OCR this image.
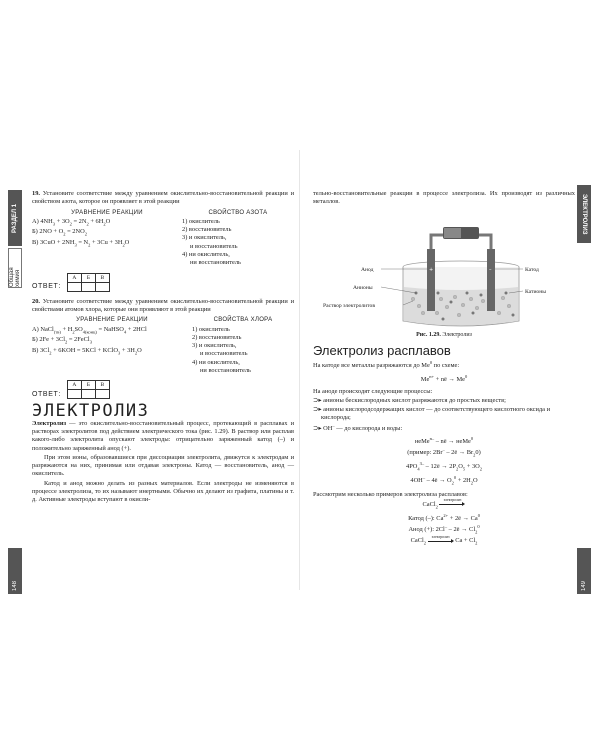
РАЗДЕЛ 1
Общая химия
ЭЛЕКТРОЛИЗ
148	149

19. Установите соответствие между уравнением окислительно-восстановительной реакции и свойством азота, которое он проявляет в этой реакции

УРАВНЕНИЕ РЕАКЦИИ
А) $4NH_3 + 3O_2 = 2N_2 + 6H_2O$
Б) $2NO + O_2 = 2NO_2$
В) $3CuO + 2NH_3 = N_2 + 3Cu + 3H_2O$
СВОЙСТВО АЗОТА
1) окислитель
2) восстановитель
3) и окислитель,
и восстановитель
4) ни окислитель,
ни восстановитель
ОТВЕТ:
А	Б	В

20. Установите соответствие между уравнением окислительно-восстановительной реакции и свойствами атомов хлора, которые они проявляют в этой реакции

УРАВНЕНИЕ РЕАКЦИИ
А) NaCl$_{(тв)}$ + $H_2SO_{4(конц)}$ = NaHSO$_4$ + 2HCl
Б) $2Fe + 3Cl_2$ = 2FeCl$_3$
В) $3Cl_2 + 6KOH = 5KCl$ + KClO$_3$ + $3H_2O$
СВОЙСТВА ХЛОРА
1) окислитель
2) восстановитель
3) и окислитель,
и восстановитель
4) ни окислитель,
ни восстановитель
ОТВЕТ:
А	Б	В

ЭЛЕКТРОЛИЗ

Электролиз — это окислительно-восстановительный процесс, протекающий в расплавах и растворах электролитов под действием электрического тока (рис. 1.29). В раствор или расплав какого-либо электролита опускают электроды: отрицательно заряженный катод (–) и положительно заряженный анод (+).

При этом ионы, образовавшиеся при диссоциации электролита, движутся к электродам и разряжаются на них, принимая или отдавая электроны. Катод — восстановитель, анод — окислитель.

Катод и анод можно делать из разных материалов. Если электроды не изменяются в процессе электролиза, то их называют инертными. Обычно их делают из графита, платины и т. д. Активные электроды вступают в окисли-

тельно-восстановительные реакции в процессе электролиза. Их производят из различных металлов.

+	–
Анод
Анионы
Раствор электролитов
Катод
Катионы
Рис. 1.29. Электролиз
Электролиз расплавов

На катоде все металлы разряжаются до Me$^0$ по схеме:

$Me^{n+}$ + nē → $Me^0$

На аноде происходят следующие процессы:

⊃▸ анионы бескислородных кислот разряжаются до простых веществ;
⊃▸ анионы кислородсодержащих кислот — до соответствующего кислотного оксида и кислорода;
⊃▸ OH– — до кислорода и воды:
неMe$^{n-}$ – nē → неMe$^0$
(пример: 2Br– – 2ē → $Br_20$)
$4PO_4^{3-}$ – 12ē → $2P_2O_5 + 3O_2$
4OH– – 4ē → $O_2^0 + 2H_2O$

Рассмотрим несколько примеров электролиза расплавов:

CaCl$_2$
электролиз
Катод (–): $Ca^{2+}$ + 2ē → $Ca^0$
Анод (+): 2Cl– – 2ē → $Cl_2^0$
CaCl$_2$
электролиз
$Ca + Cl_2$
